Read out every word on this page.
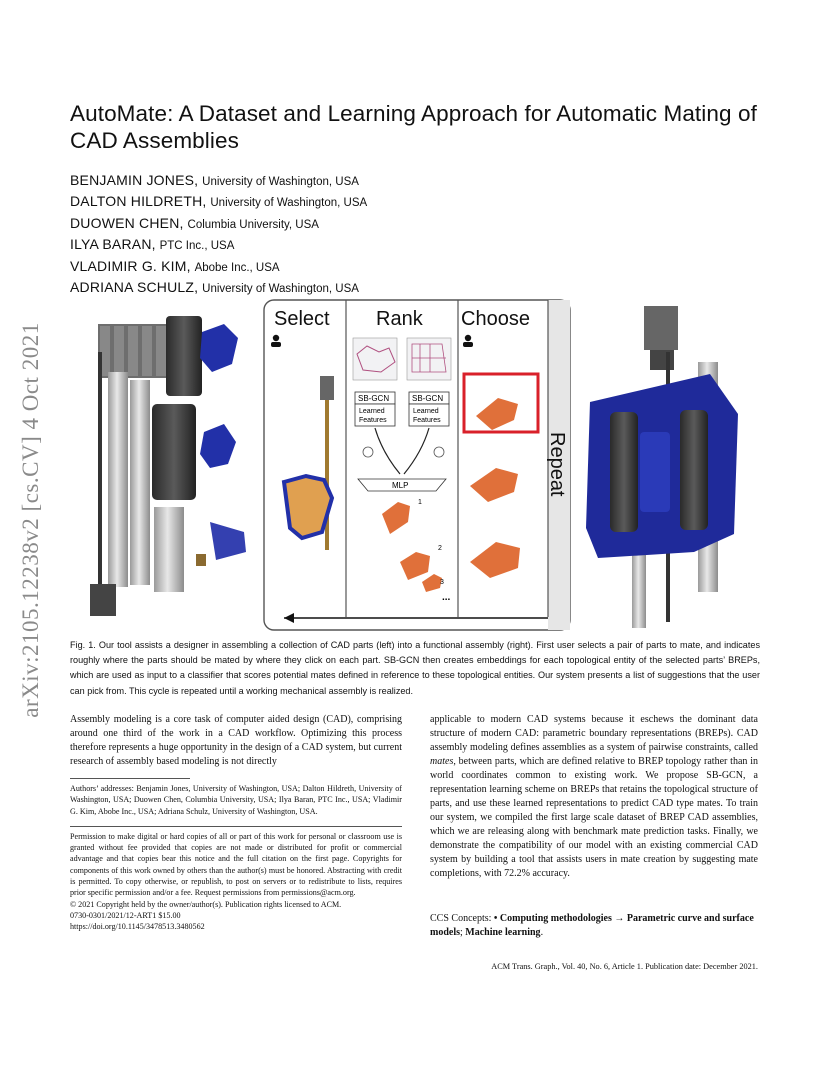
AutoMate: A Dataset and Learning Approach for Automatic Mating of CAD Assemblies
BENJAMIN JONES, University of Washington, USA
DALTON HILDRETH, University of Washington, USA
DUOWEN CHEN, Columbia University, USA
ILYA BARAN, PTC Inc., USA
VLADIMIR G. KIM, Abobe Inc., USA
ADRIANA SCHULZ, University of Washington, USA
arXiv:2105.12238v2 [cs.CV] 4 Oct 2021
Select Rank Choose
Repeat
SB-GCN	SB-GCN
Learned
Features
Learned
Features
MLP
1
2
3
...
Fig. 1. Our tool assists a designer in assembling a collection of CAD parts (left) into a functional assembly (right). First user selects a pair of parts to mate, and indicates roughly where the parts should be mated by where they click on each part. SB-GCN then creates embeddings for each topological entity of the selected parts’ BREPs, which are used as input to a classifier that scores potential mates defined in reference to these topological entities. Our system presents a list of suggestions that the user can pick from. This cycle is repeated until a working mechanical assembly is realized.
Assembly modeling is a core task of computer aided design (CAD), comprising around one third of the work in a CAD workflow. Optimizing this process therefore represents a huge opportunity in the design of a CAD system, but current research of assembly based modeling is not directly
Authors’ addresses: Benjamin Jones, University of Washington, USA; Dalton Hildreth, University of Washington, USA; Duowen Chen, Columbia University, USA; Ilya Baran, PTC Inc., USA; Vladimir G. Kim, Abobe Inc., USA; Adriana Schulz, University of Washington, USA.
Permission to make digital or hard copies of all or part of this work for personal or classroom use is granted without fee provided that copies are not made or distributed for profit or commercial advantage and that copies bear this notice and the full citation on the first page. Copyrights for components of this work owned by others than the author(s) must be honored. Abstracting with credit is permitted. To copy otherwise, or republish, to post on servers or to redistribute to lists, requires prior specific permission and/or a fee. Request permissions from permissions@acm.org.
© 2021 Copyright held by the owner/author(s). Publication rights licensed to ACM.
0730-0301/2021/12-ART1 $15.00
https://doi.org/10.1145/3478513.3480562
applicable to modern CAD systems because it eschews the dominant data structure of modern CAD: parametric boundary representations (BREPs). CAD assembly modeling defines assemblies as a system of pairwise constraints, called mates, between parts, which are defined relative to BREP topology rather than in world coordinates common to existing work. We propose SB-GCN, a representation learning scheme on BREPs that retains the topological structure of parts, and use these learned representations to predict CAD type mates. To train our system, we compiled the first large scale dataset of BREP CAD assemblies, which we are releasing along with benchmark mate prediction tasks. Finally, we demonstrate the compatibility of our model with an existing commercial CAD system by building a tool that assists users in mate creation by suggesting mate completions, with 72.2% accuracy.
CCS Concepts: • Computing methodologies → Parametric curve and surface models; Machine learning.
ACM Trans. Graph., Vol. 40, No. 6, Article 1. Publication date: December 2021.
